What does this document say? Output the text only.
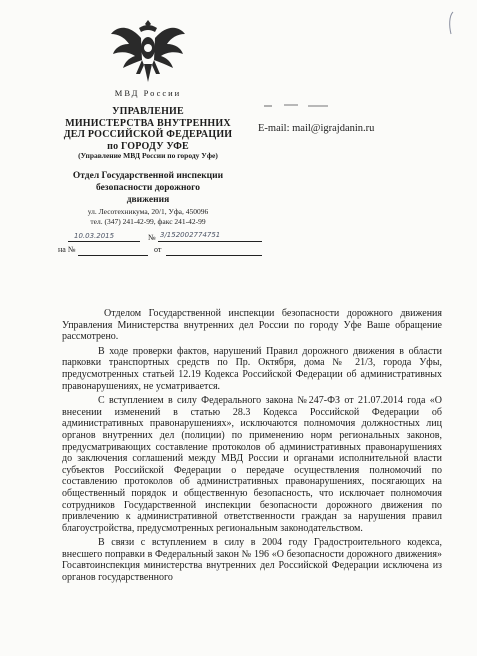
МВД России
УПРАВЛЕНИЕ
МИНИСТЕРСТВА ВНУТРЕННИХ
ДЕЛ РОССИЙСКОЙ ФЕДЕРАЦИИ
по ГОРОДУ УФЕ
(Управление МВД России по городу Уфе)
Отдел Государственной инспекции
безопасности дорожного
движения
ул. Лесотехникума, 20/1, Уфа, 450096
тел. (347) 241-42-99, факс 241-42-99
10.03.2015	№ 3/152002774751
на №	от
E-mail: mail@igrajdanin.ru

Отделом Государственной инспекции безопасности дорожного движения Управления Министерства внутренних дел России по городу Уфе Ваше обращение рассмотрено.

В ходе проверки фактов, нарушений Правил дорожного движения в области парковки транспортных средств по Пр. Октября, дома № 21/3, города Уфы, предусмотренных статьей 12.19 Кодекса Российской Федерации об административных правонарушениях, не усматривается.

С вступлением в силу Федерального закона №247-ФЗ от 21.07.2014 года «О внесении изменений в статью 28.3 Кодекса Российской Федерации об административных правонарушениях», исключаются полномочия должностных лиц органов внутренних дел (полиции) по применению норм региональных законов, предусматривающих составление протоколов об административных правонарушениях до заключения соглашений между МВД России и органами исполнительной власти субъектов Российской Федерации о передаче осуществления полномочий по составлению протоколов об административных правонарушениях, посягающих на общественный порядок и общественную безопасность, что исключает полномочия сотрудников Государственной инспекции безопасности дорожного движения по привлечению к административной ответственности граждан за нарушения правил благоустройства, предусмотренных региональным законодательством.

В связи с вступлением в силу в 2004 году Градостроительного кодекса, внесшего поправки в Федеральный закон № 196 «О безопасности дорожного движения» Госавтоинспекция министерства внутренних дел Российской Федерации исключена из органов государственного
